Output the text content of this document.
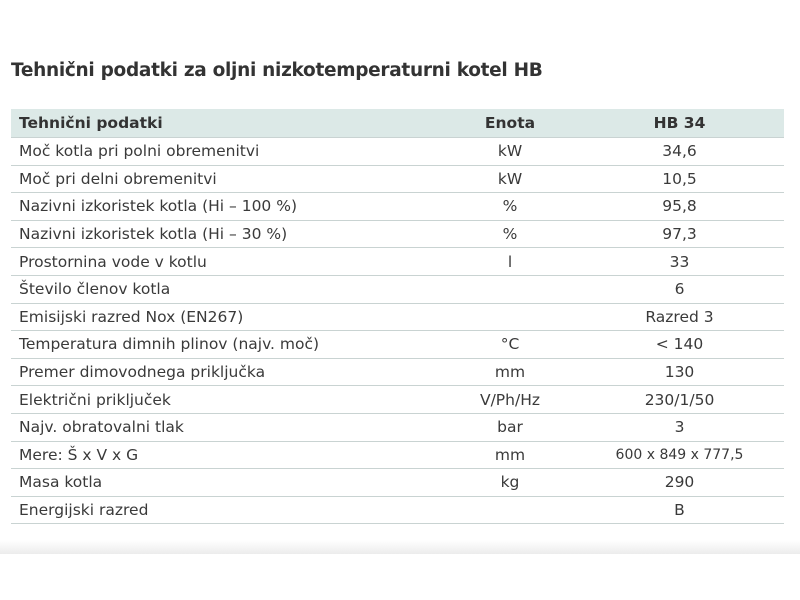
Tehnični podatki za oljni nizkotemperaturni kotel HB
Tehnični podatki	Enota	HB 34
Moč kotla pri polni obremenitvi	kW	34,6
Moč pri delni obremenitvi	kW	10,5
Nazivni izkoristek kotla (Hi – 100 %)	%	95,8
Nazivni izkoristek kotla (Hi – 30 %)	%	97,3
Prostornina vode v kotlu	l	33
Število členov kotla		6
Emisijski razred Nox (EN267)		Razred 3
Temperatura dimnih plinov (najv. moč)	°C	< 140
Premer dimovodnega priključka	mm	130
Električni priključek	V/Ph/Hz	230/1/50
Najv. obratovalni tlak	bar	3
Mere: Š x V x G	mm	600 x 849 x 777,5
Masa kotla	kg	290
Energijski razred		B
